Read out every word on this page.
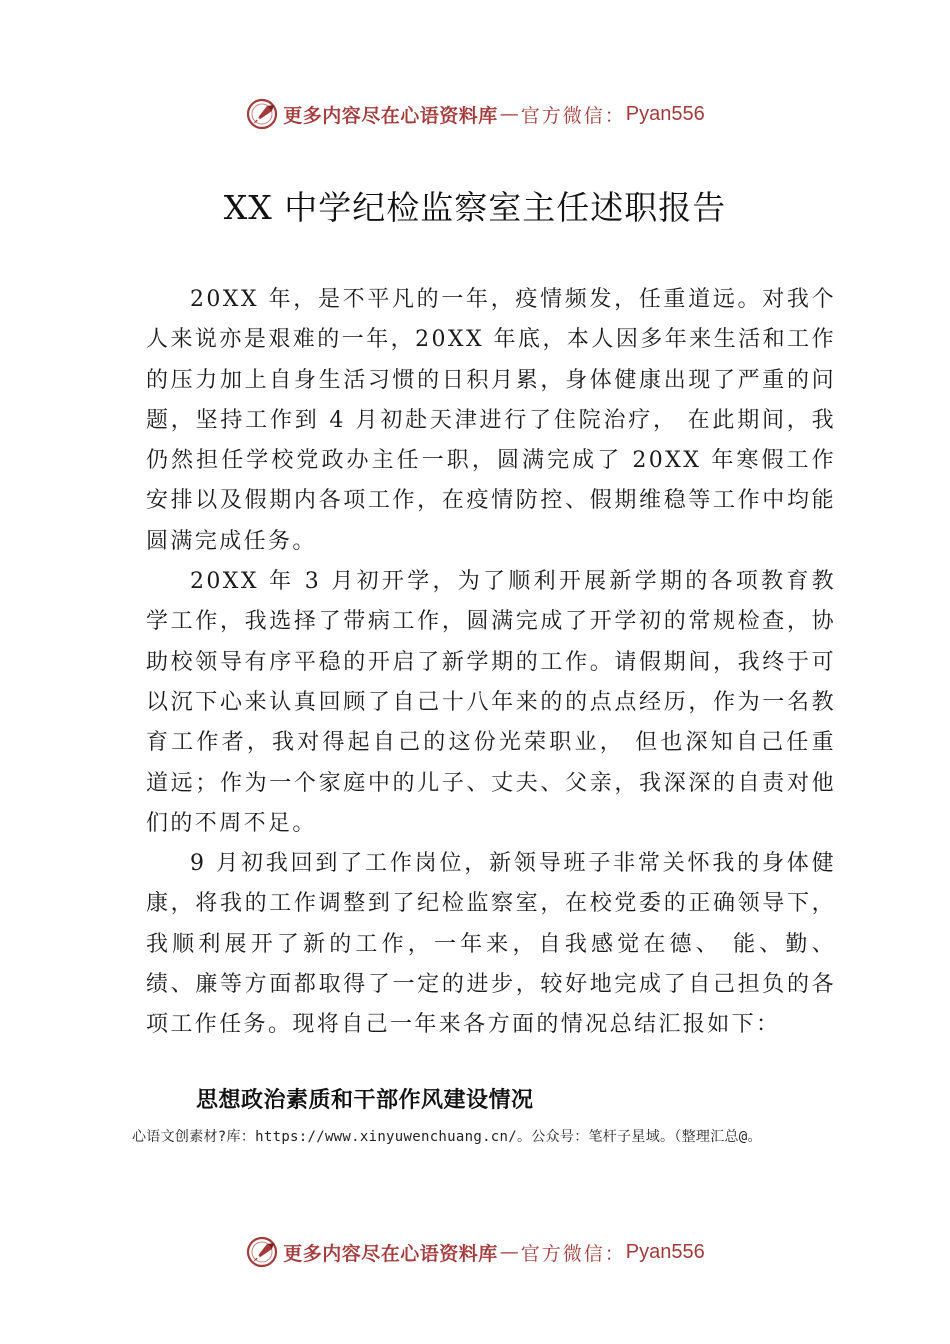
更多内容尽在心语资料库 — 官方微信： Pyan556
XX 中学纪检监察室主任述职报告

20XX 年，是不平凡的一年，疫情频发，任重道远。对我个人来说亦是艰难的一年，20XX 年底，本人因多年来生活和工作的压力加上自身生活习惯的日积月累，身体健康出现了严重的问题，坚持工作到 4 月初赴天津进行了住院治疗， 在此期间，我仍然担任学校党政办主任一职，圆满完成了 20XX 年寒假工作安排以及假期内各项工作，在疫情防控、假期维稳等工作中均能圆满完成任务。

20XX 年 3 月初开学，为了顺利开展新学期的各项教育教学工作，我选择了带病工作，圆满完成了开学初的常规检查，协助校领导有序平稳的开启了新学期的工作。请假期间，我终于可以沉下心来认真回顾了自己十八年来的的点点经历，作为一名教育工作者，我对得起自己的这份光荣职业， 但也深知自己任重道远；作为一个家庭中的儿子、丈夫、父亲，我深深的自责对他们的不周不足。

9 月初我回到了工作岗位，新领导班子非常关怀我的身体健康，将我的工作调整到了纪检监察室，在校党委的正确领导下，我顺利展开了新的工作，一年来，自我感觉在德、 能、勤、绩、廉等方面都取得了一定的进步，较好地完成了自己担负的各项工作任务。现将自己一年来各方面的情况总结汇报如下：

思想政治素质和干部作风建设情况
心语文创素材?库：https://www.xinyuwenchuang.cn/。公众号：笔杆子星域。（整理汇总@。
更多内容尽在心语资料库 — 官方微信： Pyan556
